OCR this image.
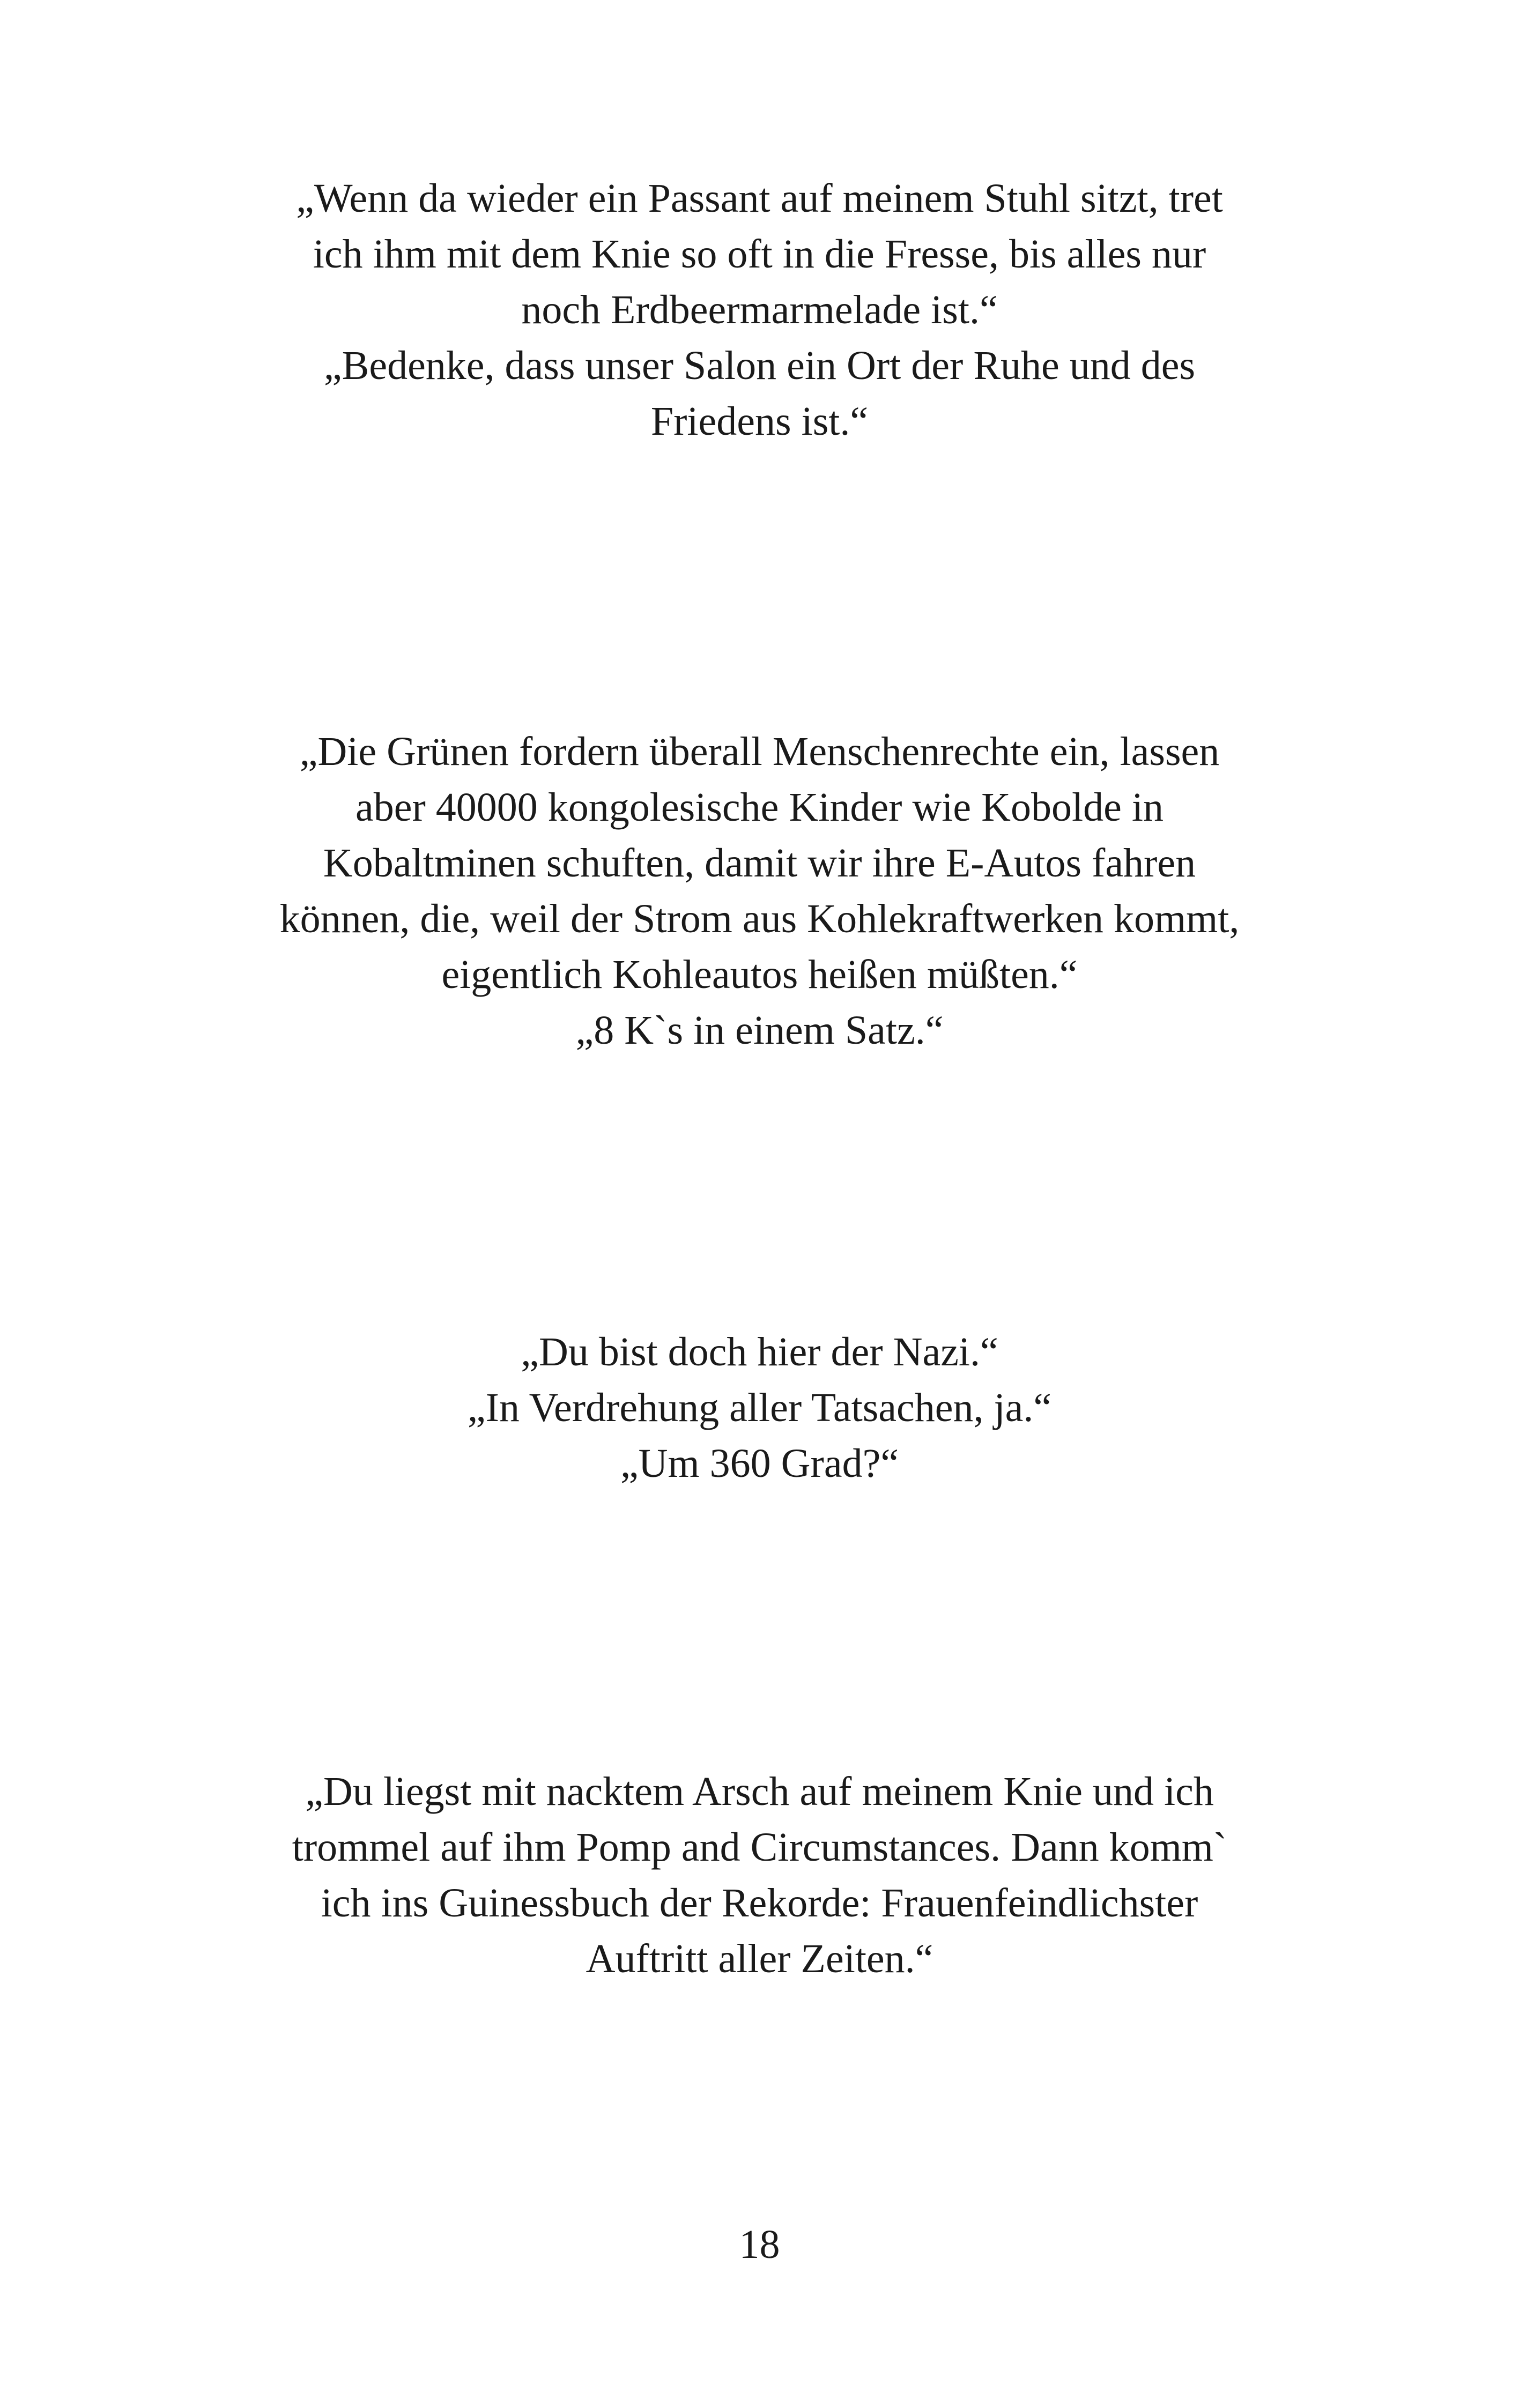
„Wenn da wieder ein Passant auf meinem Stuhl sitzt, tret
ich ihm mit dem Knie so oft in die Fresse, bis alles nur
noch Erdbeermarmelade ist.“
„Bedenke, dass unser Salon ein Ort der Ruhe und des
Friedens ist.“
„Die Grünen fordern überall Menschenrechte ein, lassen
aber 40000 kongolesische Kinder wie Kobolde in
Kobaltminen schuften, damit wir ihre E-Autos fahren
können, die, weil der Strom aus Kohlekraftwerken kommt,
eigentlich Kohleautos heißen müßten.“
„8 K`s in einem Satz.“
„Du bist doch hier der Nazi.“
„In Verdrehung aller Tatsachen, ja.“
„Um 360 Grad?“
„Du liegst mit nacktem Arsch auf meinem Knie und ich
trommel auf ihm Pomp and Circumstances. Dann komm`
ich ins Guinessbuch der Rekorde: Frauenfeindlichster
Auftritt aller Zeiten.“
18
